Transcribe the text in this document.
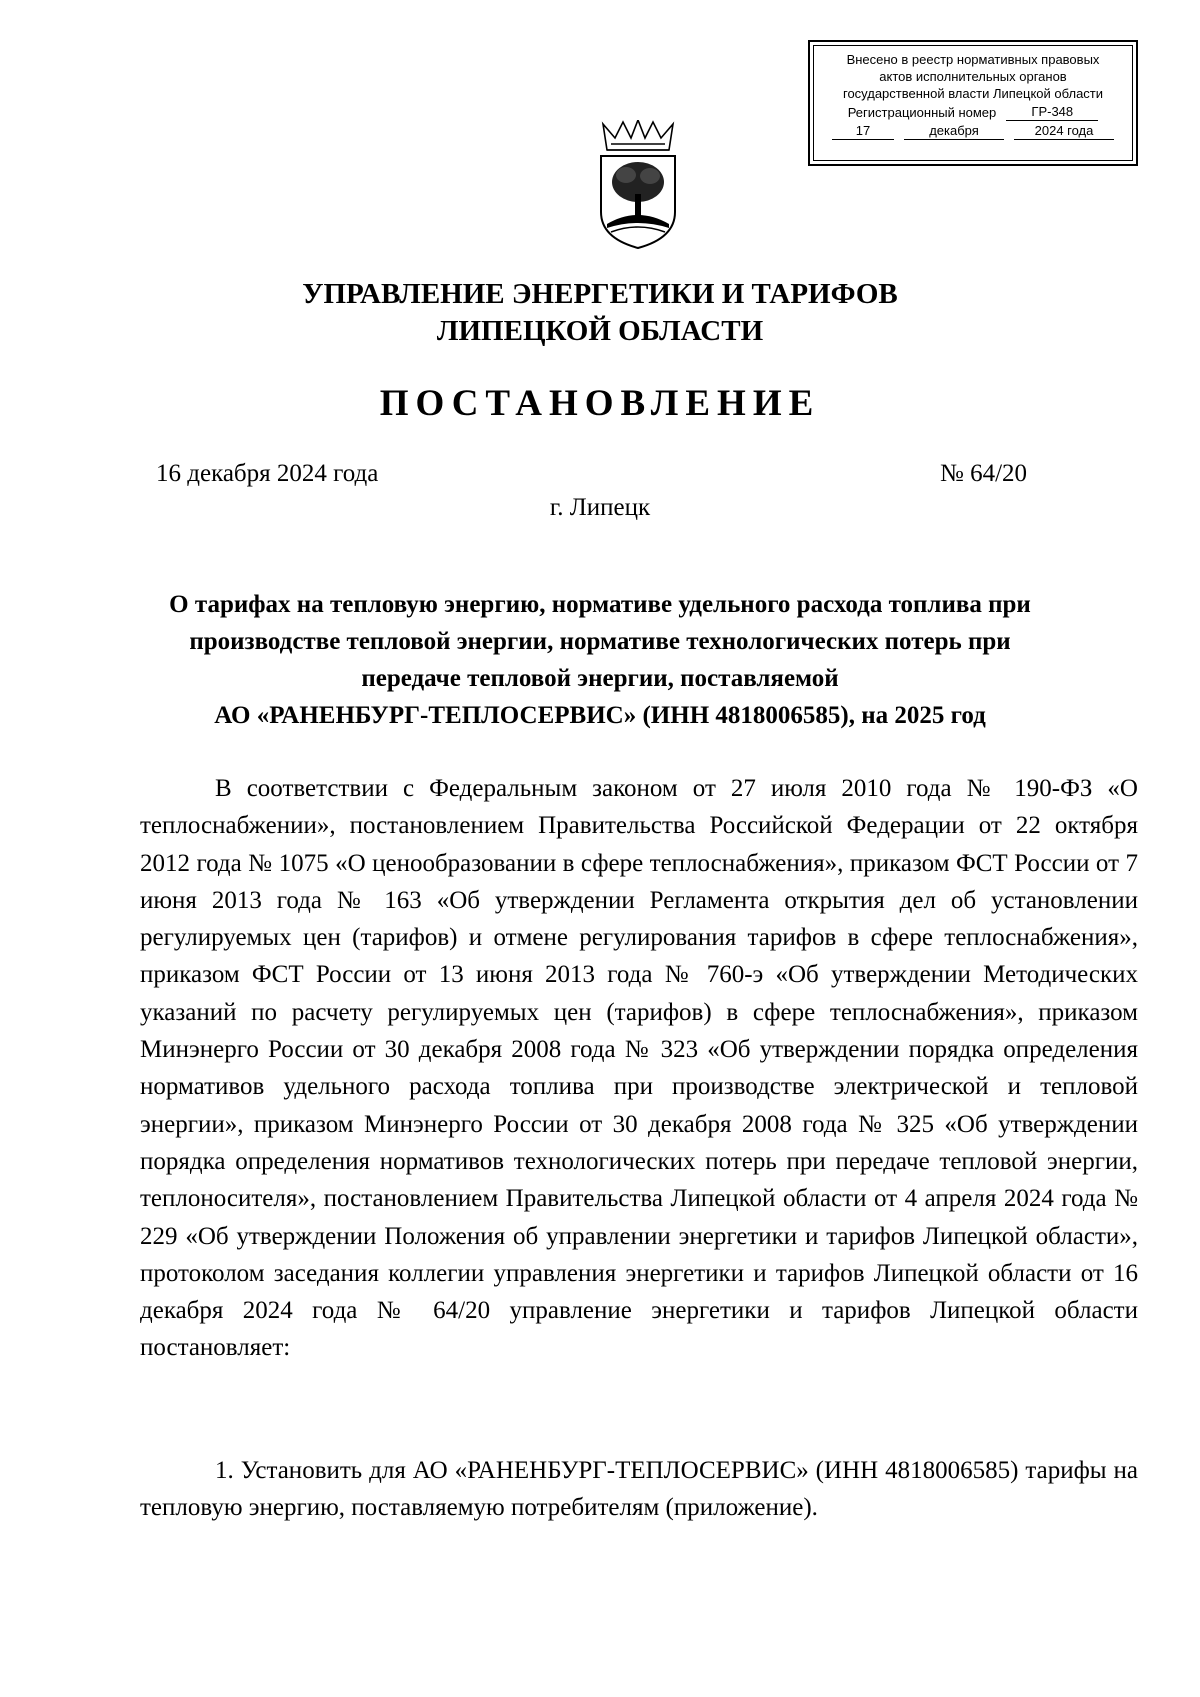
Внесено в реестр нормативных правовых
актов исполнительных органов
государственной власти Липецкой области
Регистрационный номер	ГР-348
17	декабря	2024 года
УПРАВЛЕНИЕ ЭНЕРГЕТИКИ И ТАРИФОВ
ЛИПЕЦКОЙ ОБЛАСТИ
ПОСТАНОВЛЕНИЕ
16 декабря 2024 года	№ 64/20
г. Липецк
О тарифах на тепловую энергию, нормативе удельного расхода топлива при
производстве тепловой энергии, нормативе технологических потерь при
передаче тепловой энергии, поставляемой
АО «РАНЕНБУРГ-ТЕПЛОСЕРВИС» (ИНН 4818006585), на 2025 год

В соответствии с Федеральным законом от 27 июля 2010 года № 190-ФЗ «О теплоснабжении», постановлением Правительства Российской Федерации от 22 октября 2012 года № 1075 «О ценообразовании в сфере теплоснабжения», приказом ФСТ России от 7 июня 2013 года № 163 «Об утверждении Регламента открытия дел об установлении регулируемых цен (тарифов) и отмене регулирования тарифов в сфере теплоснабжения», приказом ФСТ России от 13 июня 2013 года № 760-э «Об утверждении Методических указаний по расчету регулируемых цен (тарифов) в сфере теплоснабжения», приказом Минэнерго России от 30 декабря 2008 года № 323 «Об утверждении порядка определения нормативов удельного расхода топлива при производстве электрической и тепловой энергии», приказом Минэнерго России от 30 декабря 2008 года № 325 «Об утверждении порядка определения нормативов технологических потерь при передаче тепловой энергии, теплоносителя», постановлением Правительства Липецкой области от 4 апреля 2024 года № 229 «Об утверждении Положения об управлении энергетики и тарифов Липецкой области», протоколом заседания коллегии управления энергетики и тарифов Липецкой области от 16 декабря 2024 года № 64/20 управление энергетики и тарифов Липецкой области постановляет:

1. Установить для АО «РАНЕНБУРГ-ТЕПЛОСЕРВИС» (ИНН 4818006585) тарифы на тепловую энергию, поставляемую потребителям (приложение).
